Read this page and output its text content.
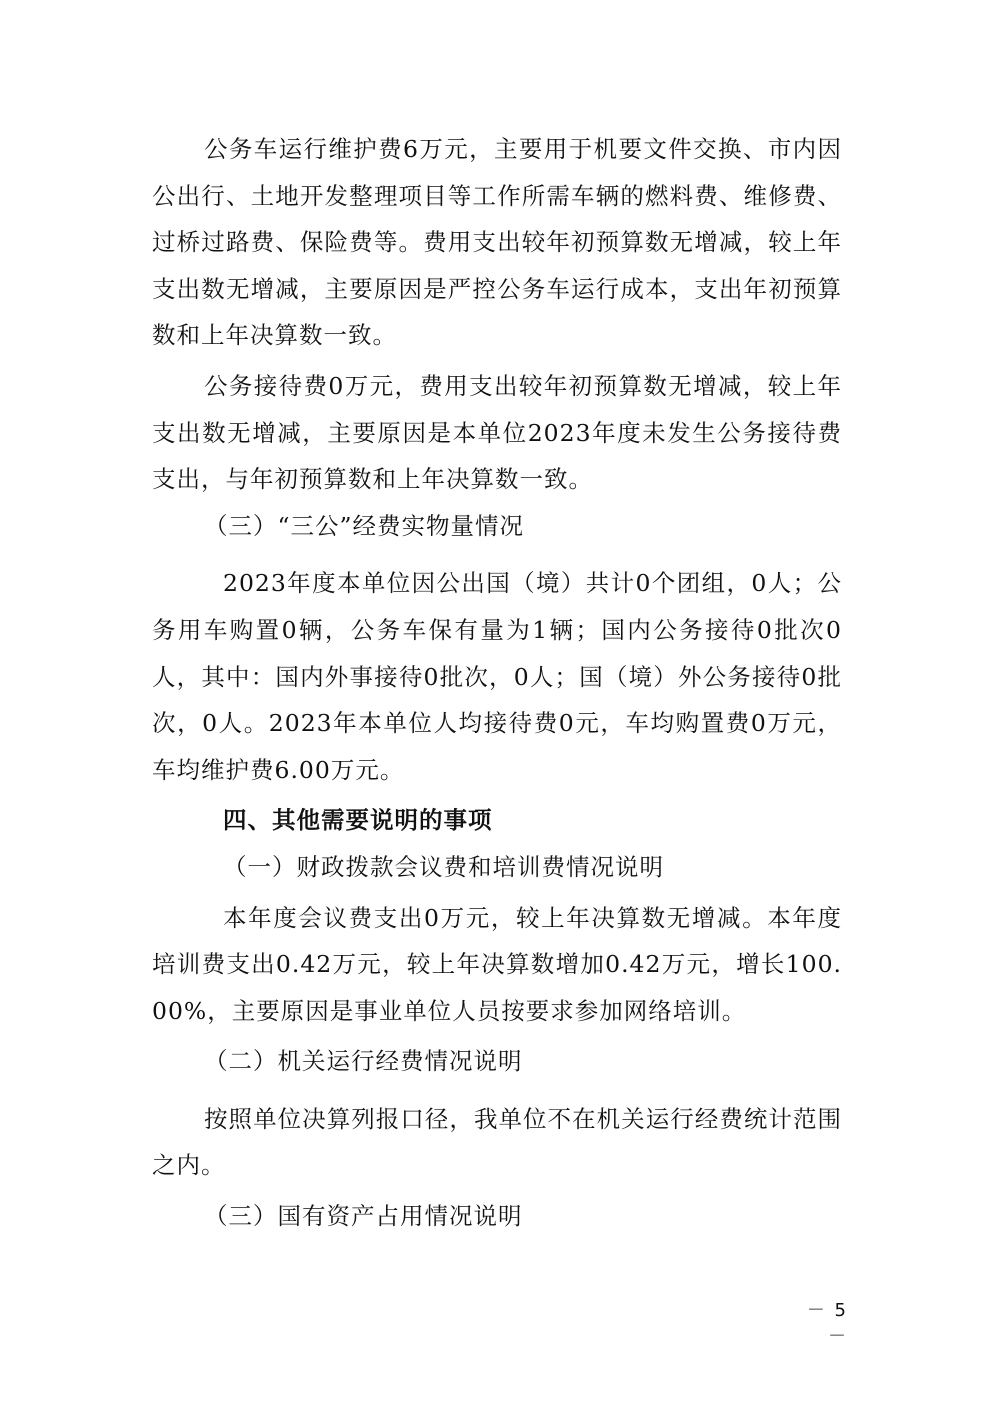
公务车运行维护费6万元，主要用于机要文件交换、市内因公出行、土地开发整理项目等工作所需车辆的燃料费、维修费、过桥过路费、保险费等。费用支出较年初预算数无增减，较上年支出数无增减，主要原因是严控公务车运行成本，支出年初预算数和上年决算数一致。

公务接待费0万元，费用支出较年初预算数无增减，较上年支出数无增减，主要原因是本单位2023年度未发生公务接待费支出，与年初预算数和上年决算数一致。

（三）“三公”经费实物量情况

2023年度本单位因公出国（境）共计0个团组，0人；公务用车购置0辆，公务车保有量为1辆；国内公务接待0批次0人，其中：国内外事接待0批次，0人；国（境）外公务接待0批次，0人。2023年本单位人均接待费0元，车均购置费0万元，车均维护费6.00万元。

四、其他需要说明的事项

（一）财政拨款会议费和培训费情况说明

本年度会议费支出0万元，较上年决算数无增减。本年度培训费支出0.42万元，较上年决算数增加0.42万元，增长100.00%，主要原因是事业单位人员按要求参加网络培训。

（二）机关运行经费情况说明

按照单位决算列报口径，我单位不在机关运行经费统计范围之内。

（三）国有资产占用情况说明

－ 5 －
